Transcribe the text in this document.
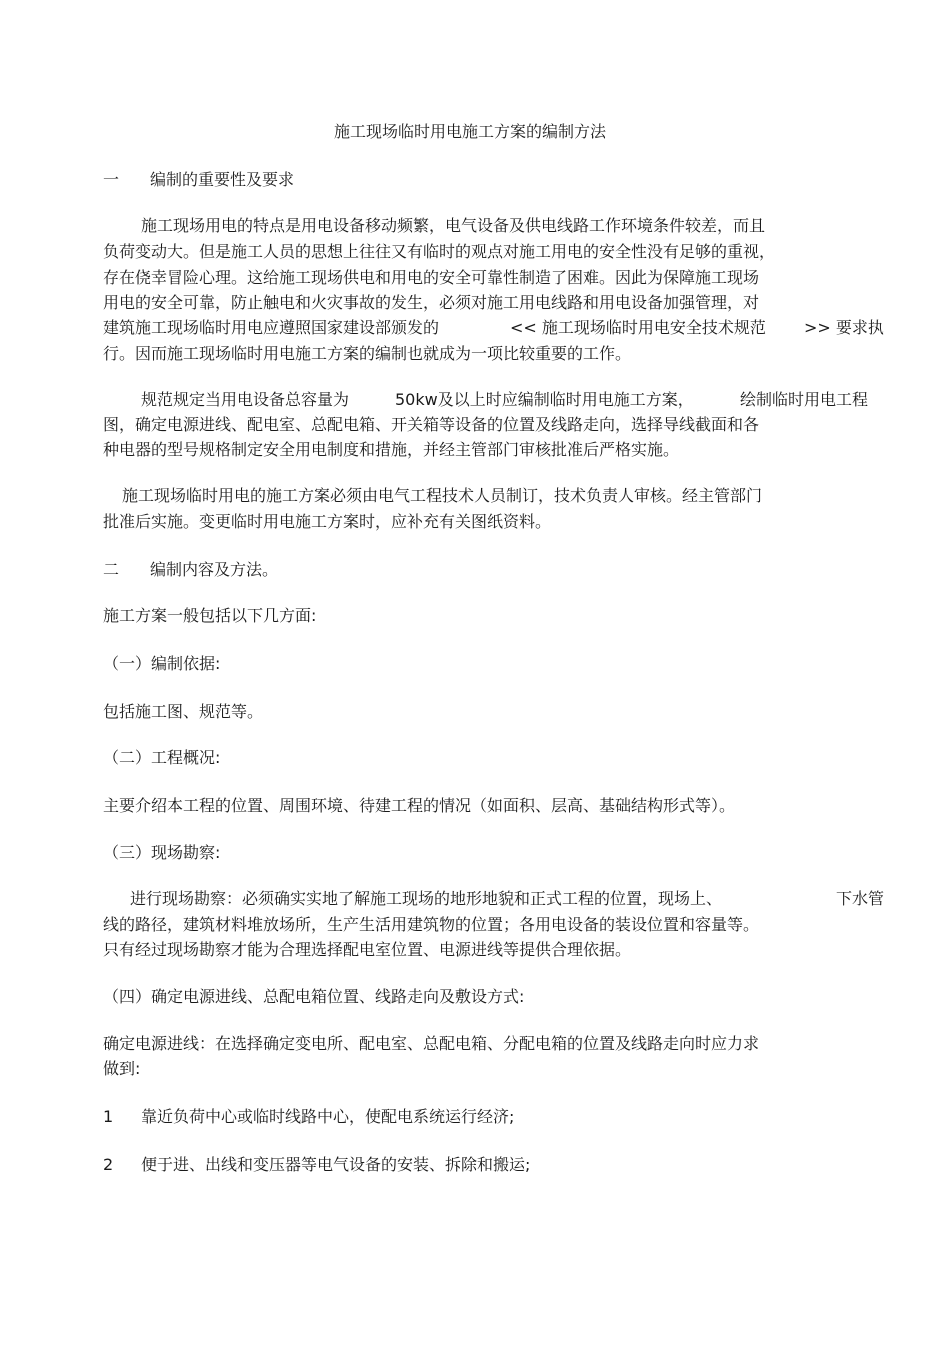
施工现场临时用电施工方案的编制方法
一 编制的重要性及要求
施工现场用电的特点是用电设备移动频繁，电气设备及供电线路工作环境条件较差，而且
负荷变动大。但是施工人员的思想上往往又有临时的观点对施工用电的安全性没有足够的重视，
存在侥幸冒险心理。这给施工现场供电和用电的安全可靠性制造了困难。因此为保障施工现场
用电的安全可靠，防止触电和火灾事故的发生，必须对施工用电线路和用电设备加强管理，对
建筑施工现场临时用电应遵照国家建设部颁发的	<< 施工现场临时用电安全技术规范 >> 要求执
行。因而施工现场临时用电施工方案的编制也就成为一项比较重要的工作。
规范规定当用电设备总容量为	50kw及以上时应编制临时用电施工方案，	绘制临时用电工程
图，确定电源进线、配电室、总配电箱、开关箱等设备的位置及线路走向，选择导线截面和各
种电器的型号规格制定安全用电制度和措施，并经主管部门审核批准后严格实施。
施工现场临时用电的施工方案必须由电气工程技术人员制订，技术负责人审核。经主管部门
批准后实施。变更临时用电施工方案时，应补充有关图纸资料。
二 编制内容及方法。
施工方案一般包括以下几方面:
（一）编制依据:
包括施工图、规范等。
（二）工程概况:
主要介绍本工程的位置、周围环境、待建工程的情况（如面积、层高、基础结构形式等）。
（三）现场勘察:
进行现场勘察：必须确实实地了解施工现场的地形地貌和正式工程的位置，现场上、	下水管
线的路径，建筑材料堆放场所，生产生活用建筑物的位置；各用电设备的装设位置和容量等。
只有经过现场勘察才能为合理选择配电室位置、电源进线等提供合理依据。
（四）确定电源进线、总配电箱位置、线路走向及敷设方式:
确定电源进线：在选择确定变电所、配电室、总配电箱、分配电箱的位置及线路走向时应力求
做到:
1 靠近负荷中心或临时线路中心，使配电系统运行经济;
2 便于进、出线和变压器等电气设备的安装、拆除和搬运;
